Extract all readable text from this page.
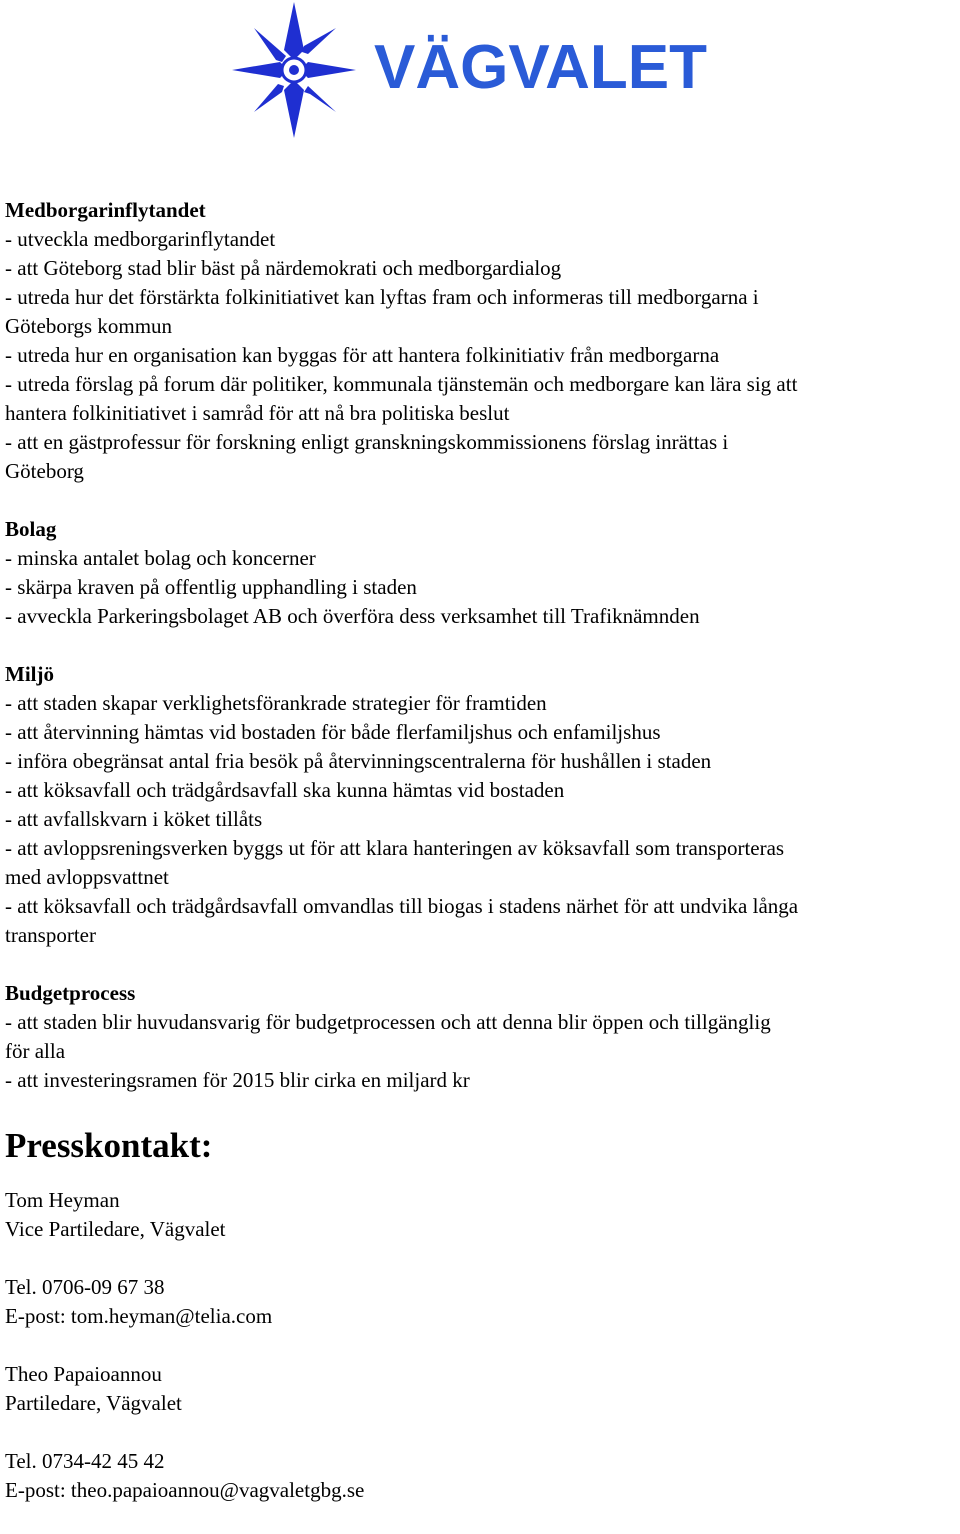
VÄGVALET
Medborgarinflytandet
- utveckla medborgarinflytandet
- att Göteborg stad blir bäst på närdemokrati och medborgardialog
- utreda hur det förstärkta folkinitiativet kan lyftas fram och informeras till medborgarna i
Göteborgs kommun
- utreda hur en organisation kan byggas för att hantera folkinitiativ från medborgarna
- utreda förslag på forum där politiker, kommunala tjänstemän och medborgare kan lära sig att
hantera folkinitiativet i samråd för att nå bra politiska beslut
- att en gästprofessur för forskning enligt granskningskommissionens förslag inrättas i
Göteborg
Bolag
- minska antalet bolag och koncerner
- skärpa kraven på offentlig upphandling i staden
- avveckla Parkeringsbolaget AB och överföra dess verksamhet till Trafiknämnden
Miljö
- att staden skapar verklighetsförankrade strategier för framtiden
- att återvinning hämtas vid bostaden för både flerfamiljshus och enfamiljshus
- införa obegränsat antal fria besök på återvinningscentralerna för hushållen i staden
- att köksavfall och trädgårdsavfall ska kunna hämtas vid bostaden
- att avfallskvarn i köket tillåts
- att avloppsreningsverken byggs ut för att klara hanteringen av köksavfall som transporteras
med avloppsvattnet
- att köksavfall och trädgårdsavfall omvandlas till biogas i stadens närhet för att undvika långa
transporter
Budgetprocess
- att staden blir huvudansvarig för budgetprocessen och att denna blir öppen och tillgänglig
för alla
- att investeringsramen för 2015 blir cirka en miljard kr
Presskontakt:
Tom Heyman
Vice Partiledare, Vägvalet
Tel. 0706-09 67 38
E-post: tom.heyman@telia.com
Theo Papaioannou
Partiledare, Vägvalet
Tel. 0734-42 45 42
E-post: theo.papaioannou@vagvaletgbg.se
